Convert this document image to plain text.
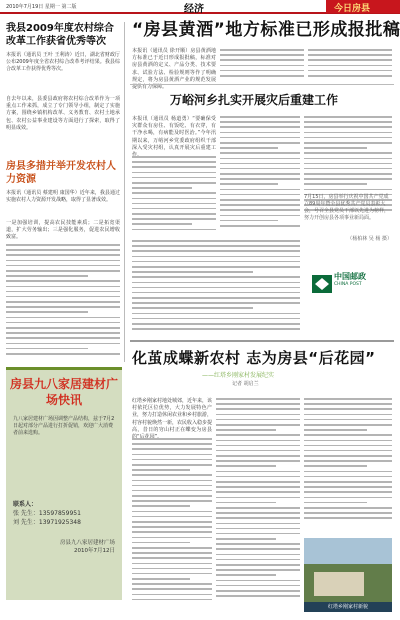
2010年7月19日 星期一 第二版	经济	今日房县
我县2009年度农村综合改革工作获省优秀等次
本报讯（通讯员 王叶 王利涛）近日，湖北省财政厅公布2009年度全省农村综合改革考评结果。我县综合改革工作获得优秀等次。
自去年以来，县委县政府将农村综合改革作为一项重点工作来抓，成立了专门领导小组，制定了实施方案，围绕乡镇机构改革、义务教育、农村土地承包、农村公益事业建设等方面进行了探索，取得了明显成效。
房县多措并举开发农村人力资源
本报讯（通讯员 蔡建明 康国华）近年来，我县通过实施农村人力资源开发战略，取得了显著成效。
一是加强培训，提高农民技能素质；二是拓宽渠道，扩大劳务输出；三是强化服务，促进农民增收致富。
“房县黄酒”地方标准已形成报批稿
本报讯（通讯员 徐开顺）房县黄酒地方标准已于近日形成报批稿，标准对房县黄酒的定义、产品分类、技术要求、试验方法、检验规则等作了明确规定，将为房县黄酒产业的规范发展提供有力保障。
万峪河乡扎实开展灾后重建工作
本报讯（通讯员 杨道勇）“要确保受灾群众有房住、有饭吃、有衣穿，有干净水喝，有病能及时医治。”今年汛期以来，万峪河乡党委政府组织干部深入受灾村组，认真开展灾后重建工
7月15日，房县举行庆祝中国共产党成立89周年暨全县优秀共产党员表彰大会，号召全县党员干部以先进为榜样，努力开创房县各项事业新局面。
（杨柏林 吴 杨 摄）
中国邮政
CHINA POST
化茧成蝶新农村 志为房县“后花园”
——红塔乡刚家村发展纪实
记者 胡启兰
红塔乡刚家村地处城郊，近年来，该村依托区位优势，大力发展特色产业，努力打造休闲农业和乡村旅游，村容村貌焕然一新，农民收入稳步提高，昔日的穷山村正在蝶变为房县
红塔乡刚家村新貌
房县九八家居建材广场快讯
九八家居建材广场因调整产品结构，兹于7月2日起对部分产品进行打折促销，欢迎广大消费者前来选购。
联系人：
张 先生：13597859951
刘 先生：13971925348
房县九八家居建材广场
2010年7月12日
